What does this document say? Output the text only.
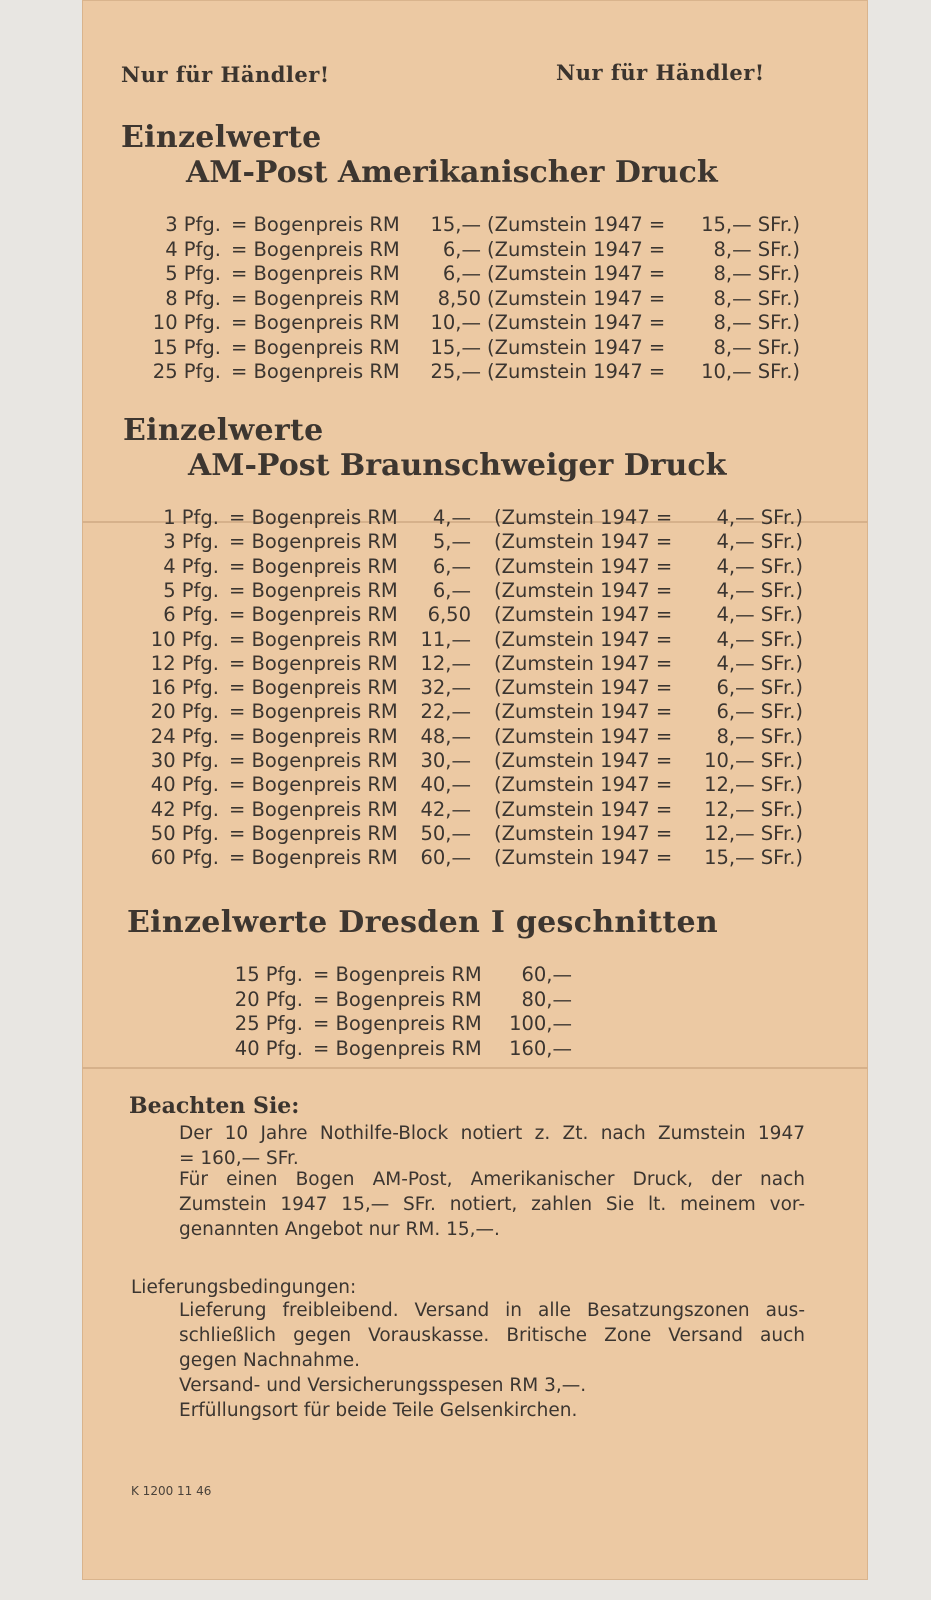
Nur für Händler!	Nur für Händler!
Einzelwerte
AM-Post Amerikanischer Druck
3 Pfg. = Bogenpreis RM	15,— (Zumstein 1947 =	15,— SFr.)
4 Pfg. = Bogenpreis RM	6,— (Zumstein 1947 =	8,— SFr.)
5 Pfg. = Bogenpreis RM	6,— (Zumstein 1947 =	8,— SFr.)
8 Pfg. = Bogenpreis RM	8,50 (Zumstein 1947 =	8,— SFr.)
10 Pfg. = Bogenpreis RM	10,— (Zumstein 1947 =	8,— SFr.)
15 Pfg. = Bogenpreis RM	15,— (Zumstein 1947 =	8,— SFr.)
25 Pfg. = Bogenpreis RM	25,— (Zumstein 1947 =	10,— SFr.)
Einzelwerte
AM-Post Braunschweiger Druck
1 Pfg. = Bogenpreis RM	4,— (Zumstein 1947 =	4,— SFr.)
3 Pfg. = Bogenpreis RM	5,— (Zumstein 1947 =	4,— SFr.)
4 Pfg. = Bogenpreis RM	6,— (Zumstein 1947 =	4,— SFr.)
5 Pfg. = Bogenpreis RM	6,— (Zumstein 1947 =	4,— SFr.)
6 Pfg. = Bogenpreis RM	6,50 (Zumstein 1947 =	4,— SFr.)
10 Pfg. = Bogenpreis RM	11,— (Zumstein 1947 =	4,— SFr.)
12 Pfg. = Bogenpreis RM	12,— (Zumstein 1947 =	4,— SFr.)
16 Pfg. = Bogenpreis RM	32,— (Zumstein 1947 =	6,— SFr.)
20 Pfg. = Bogenpreis RM	22,— (Zumstein 1947 =	6,— SFr.)
24 Pfg. = Bogenpreis RM	48,— (Zumstein 1947 =	8,— SFr.)
30 Pfg. = Bogenpreis RM	30,— (Zumstein 1947 =	10,— SFr.)
40 Pfg. = Bogenpreis RM	40,— (Zumstein 1947 =	12,— SFr.)
42 Pfg. = Bogenpreis RM	42,— (Zumstein 1947 =	12,— SFr.)
50 Pfg. = Bogenpreis RM	50,— (Zumstein 1947 =	12,— SFr.)
60 Pfg. = Bogenpreis RM	60,— (Zumstein 1947 =	15,— SFr.)
Einzelwerte Dresden I geschnitten
15 Pfg. = Bogenpreis RM	60,—
20 Pfg. = Bogenpreis RM	80,—
25 Pfg. = Bogenpreis RM	100,—
40 Pfg. = Bogenpreis RM	160,—
Beachten Sie:
Der 10 Jahre Nothilfe-Block notiert z. Zt. nach Zumstein 1947
= 160,— SFr.
Für einen Bogen AM-Post, Amerikanischer Druck, der nach
Zumstein 1947 15,— SFr. notiert, zahlen Sie lt. meinem vor-
genannten Angebot nur RM. 15,—.
Lieferungsbedingungen:
Lieferung freibleibend. Versand in alle Besatzungszonen aus-
schließlich gegen Vorauskasse. Britische Zone Versand auch
gegen Nachnahme.
Versand- und Versicherungsspesen RM 3,—.
Erfüllungsort für beide Teile Gelsenkirchen.
K 1200 11 46
